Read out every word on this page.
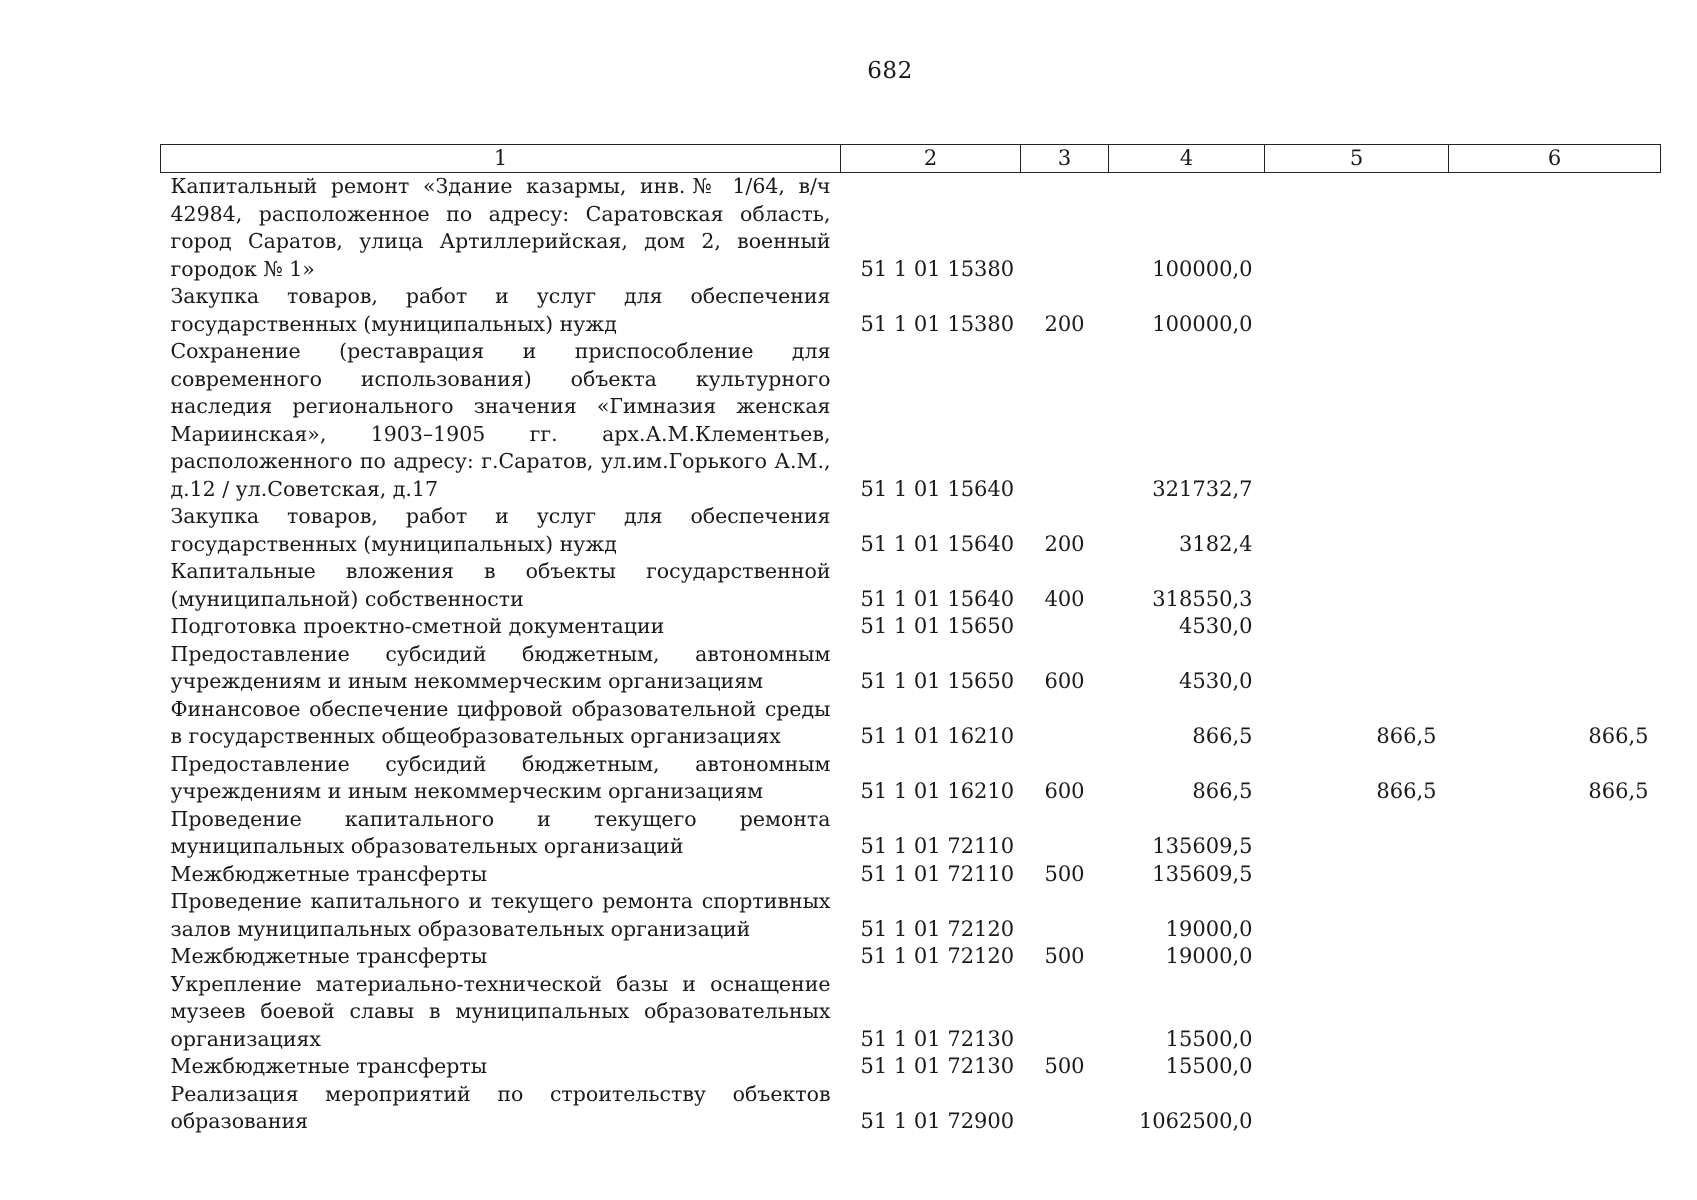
682
1	2	3	4	5	6
Капитальный ремонт «Здание казармы, инв.№ 1/64, в/ч 42984, расположенное по адресу: Саратовская область, город Саратов, улица Артиллерийская, дом 2, военный городок № 1»	51 1 01 15380		100000,0		
Закупка товаров, работ и услуг для обеспечения государственных (муниципальных) нужд	51 1 01 15380	200	100000,0		
Сохранение (реставрация и приспособление для современного использования) объекта культурного наследия регионального значения «Гимназия женская Мариинская», 1903–1905 гг. арх.А.М.Клементьев, расположенного по адресу: г.Саратов, ул.им.Горького А.М., д.12 / ул.Советская, д.17	51 1 01 15640		321732,7		
Закупка товаров, работ и услуг для обеспечения государственных (муниципальных) нужд	51 1 01 15640	200	3182,4		
Капитальные вложения в объекты государственной (муниципальной) собственности	51 1 01 15640	400	318550,3		
Подготовка проектно-сметной документации	51 1 01 15650		4530,0		
Предоставление субсидий бюджетным, автономным учреждениям и иным некоммерческим организациям	51 1 01 15650	600	4530,0		
Финансовое обеспечение цифровой образовательной среды в государственных общеобразовательных организациях	51 1 01 16210		866,5	866,5	866,5
Предоставление субсидий бюджетным, автономным учреждениям и иным некоммерческим организациям	51 1 01 16210	600	866,5	866,5	866,5
Проведение капитального и текущего ремонта муниципальных образовательных организаций	51 1 01 72110		135609,5		
Межбюджетные трансферты	51 1 01 72110	500	135609,5		
Проведение капитального и текущего ремонта спортивных залов муниципальных образовательных организаций	51 1 01 72120		19000,0		
Межбюджетные трансферты	51 1 01 72120	500	19000,0		
Укрепление материально-технической базы и оснащение музеев боевой славы в муниципальных образовательных организациях	51 1 01 72130		15500,0		
Межбюджетные трансферты	51 1 01 72130	500	15500,0		
Реализация мероприятий по строительству объектов образования	51 1 01 72900		1062500,0		
